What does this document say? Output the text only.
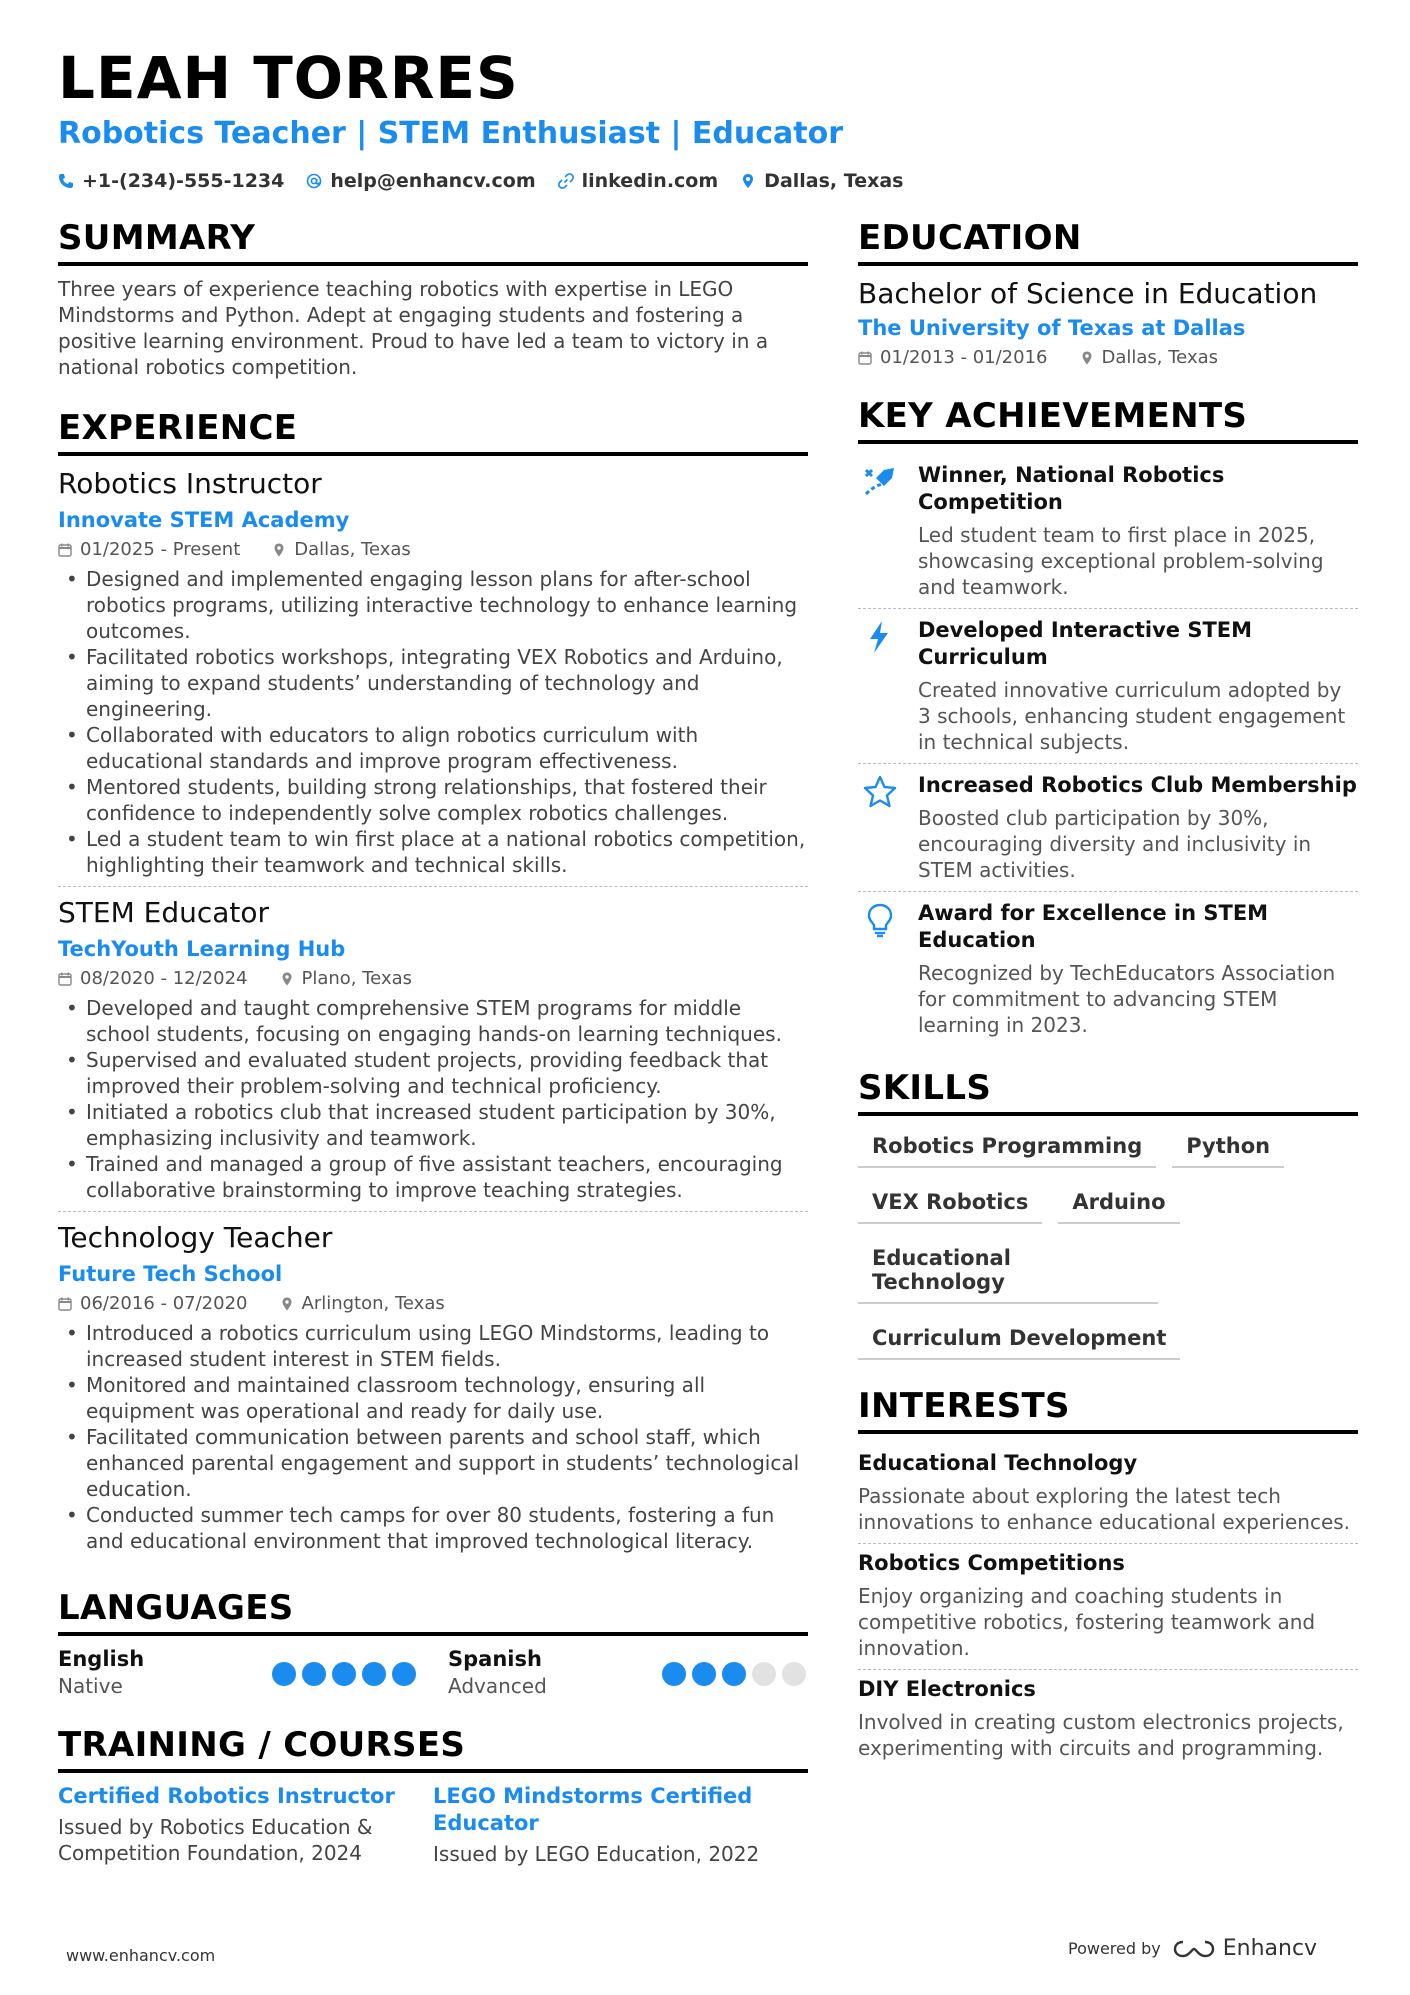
LEAH TORRES
Robotics Teacher | STEM Enthusiast | Educator
+1-(234)-555-1234 help@enhancv.com linkedin.com Dallas, Texas
SUMMARY
Three years of experience teaching robotics with expertise in LEGO Mindstorms and Python. Adept at engaging students and fostering a positive learning environment. Proud to have led a team to victory in a national robotics competition.
EXPERIENCE
Robotics Instructor
Innovate STEM Academy
01/2025 - Present	Dallas, Texas
• Designed and implemented engaging lesson plans for after-school robotics programs, utilizing interactive technology to enhance learning outcomes.
• Facilitated robotics workshops, integrating VEX Robotics and Arduino, aiming to expand students’ understanding of technology and engineering.
• Collaborated with educators to align robotics curriculum with educational standards and improve program effectiveness.
• Mentored students, building strong relationships, that fostered their confidence to independently solve complex robotics challenges.
• Led a student team to win first place at a national robotics competition, highlighting their teamwork and technical skills.
STEM Educator
TechYouth Learning Hub
08/2020 - 12/2024	Plano, Texas
• Developed and taught comprehensive STEM programs for middle school students, focusing on engaging hands-on learning techniques.
• Supervised and evaluated student projects, providing feedback that improved their problem-solving and technical proficiency.
• Initiated a robotics club that increased student participation by 30%, emphasizing inclusivity and teamwork.
• Trained and managed a group of five assistant teachers, encouraging collaborative brainstorming to improve teaching strategies.
Technology Teacher
Future Tech School
06/2016 - 07/2020	Arlington, Texas
• Introduced a robotics curriculum using LEGO Mindstorms, leading to increased student interest in STEM fields.
• Monitored and maintained classroom technology, ensuring all equipment was operational and ready for daily use.
• Facilitated communication between parents and school staff, which enhanced parental engagement and support in students’ technological education.
• Conducted summer tech camps for over 80 students, fostering a fun and educational environment that improved technological literacy.
LANGUAGES
English
Native
Spanish
Advanced
TRAINING / COURSES
Certified Robotics Instructor
Issued by Robotics Education & Competition Foundation, 2024
LEGO Mindstorms Certified Educator
Issued by LEGO Education, 2022
EDUCATION
Bachelor of Science in Education
The University of Texas at Dallas
01/2013 - 01/2016	Dallas, Texas
KEY ACHIEVEMENTS
Winner, National Robotics Competition
Led student team to first place in 2025, showcasing exceptional problem-solving and teamwork.
Developed Interactive STEM Curriculum
Created innovative curriculum adopted by 3 schools, enhancing student engagement in technical subjects.
Increased Robotics Club Membership
Boosted club participation by 30%, encouraging diversity and inclusivity in STEM activities.
Award for Excellence in STEM Education
Recognized by TechEducators Association for commitment to advancing STEM learning in 2023.
SKILLS
Robotics Programming	Python
VEX Robotics	Arduino
Educational Technology
Curriculum Development
INTERESTS
Educational Technology
Passionate about exploring the latest tech innovations to enhance educational experiences.
Robotics Competitions
Enjoy organizing and coaching students in competitive robotics, fostering teamwork and innovation.
DIY Electronics
Involved in creating custom electronics projects, experimenting with circuits and programming.
www.enhancv.com	Powered by	Enhancv
